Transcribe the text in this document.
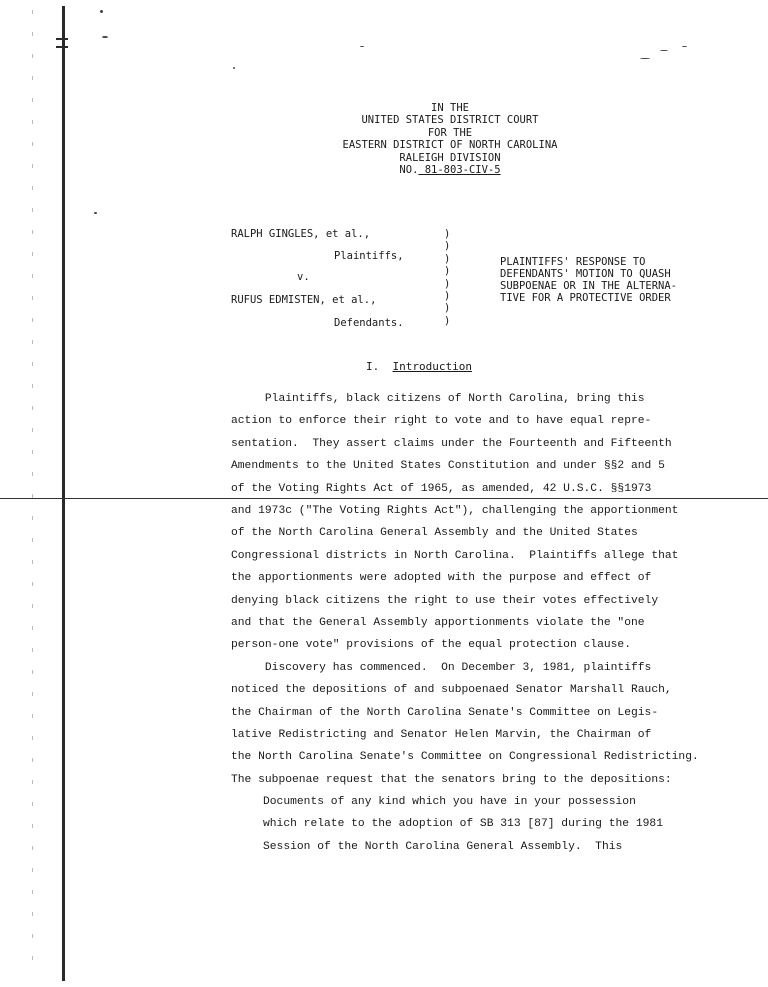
IN THE
UNITED STATES DISTRICT COURT
FOR THE
EASTERN DISTRICT OF NORTH CAROLINA
RALEIGH DIVISION
NO. 81-803-CIV-5
RALPH GINGLES, et al.,
Plaintiffs,
v.
RUFUS EDMISTEN, et al.,
Defendants.
)
)
)
)
)
)
)
)
PLAINTIFFS' RESPONSE TO
DEFENDANTS' MOTION TO QUASH
SUBPOENAE OR IN THE ALTERNA-
TIVE FOR A PROTECTIVE ORDER
I. Introduction
Plaintiffs, black citizens of North Carolina, bring this
action to enforce their right to vote and to have equal repre-
sentation.  They assert claims under the Fourteenth and Fifteenth
Amendments to the United States Constitution and under §§2 and 5
of the Voting Rights Act of 1965, as amended, 42 U.S.C. §§1973
and 1973c ("The Voting Rights Act"), challenging the apportionment
of the North Carolina General Assembly and the United States
Congressional districts in North Carolina.  Plaintiffs allege that
the apportionments were adopted with the purpose and effect of
denying black citizens the right to use their votes effectively
and that the General Assembly apportionments violate the "one
person-one vote" provisions of the equal protection clause.
Discovery has commenced.  On December 3, 1981, plaintiffs
noticed the depositions of and subpoenaed Senator Marshall Rauch,
the Chairman of the North Carolina Senate's Committee on Legis-
lative Redistricting and Senator Helen Marvin, the Chairman of
the North Carolina Senate's Committee on Congressional Redistricting.
The subpoenae request that the senators bring to the depositions:
Documents of any kind which you have in your possession
which relate to the adoption of SB 313 [87] during the 1981
Session of the North Carolina General Assembly.  This
